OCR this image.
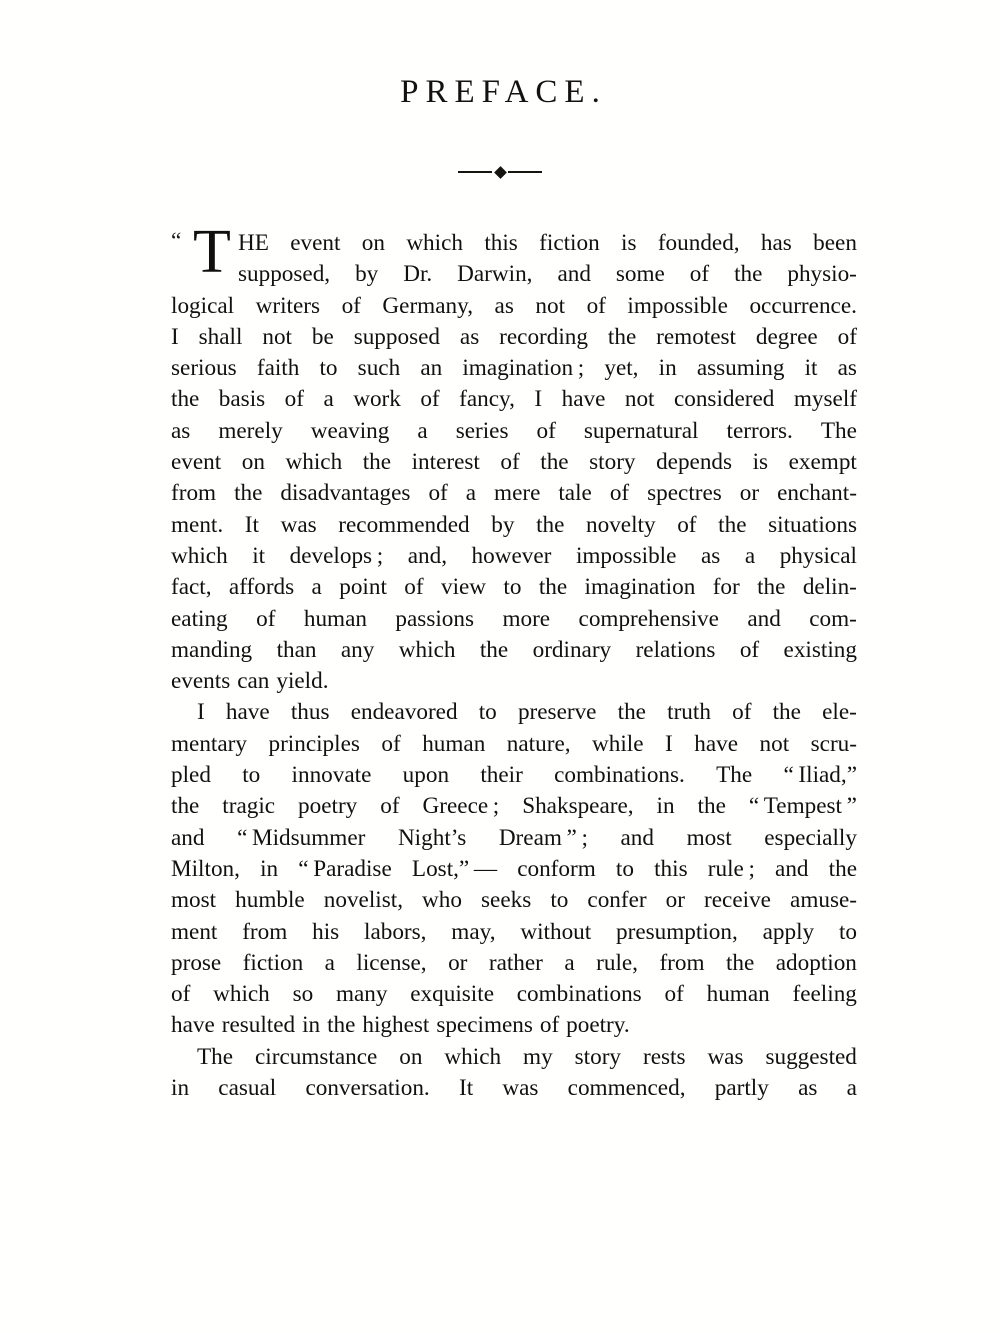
PREFACE.
“ T HE event on which this fiction is founded, has been
supposed, by Dr. Darwin, and some of the physio-
logical writers of Germany, as not of impossible occurrence.
I shall not be supposed as recording the remotest degree of
serious faith to such an imagination ; yet, in assuming it as
the basis of a work of fancy, I have not considered myself
as merely weaving a series of supernatural terrors. The
event on which the interest of the story depends is exempt
from the disadvantages of a mere tale of spectres or enchant-
ment. It was recommended by the novelty of the situations
which it develops ; and, however impossible as a physical
fact, affords a point of view to the imagination for the delin-
eating of human passions more comprehensive and com-
manding than any which the ordinary relations of existing
events can yield.
I have thus endeavored to preserve the truth of the ele-
mentary principles of human nature, while I have not scru-
pled to innovate upon their combinations. The “ Iliad,”
the tragic poetry of Greece ; Shakspeare, in the “ Tempest ”
and “ Midsummer Night’s Dream ” ; and most especially
Milton, in “ Paradise Lost,” — conform to this rule ; and the
most humble novelist, who seeks to confer or receive amuse-
ment from his labors, may, without presumption, apply to
prose fiction a license, or rather a rule, from the adoption
of which so many exquisite combinations of human feeling
have resulted in the highest specimens of poetry.
The circumstance on which my story rests was suggested
in casual conversation. It was commenced, partly as a
